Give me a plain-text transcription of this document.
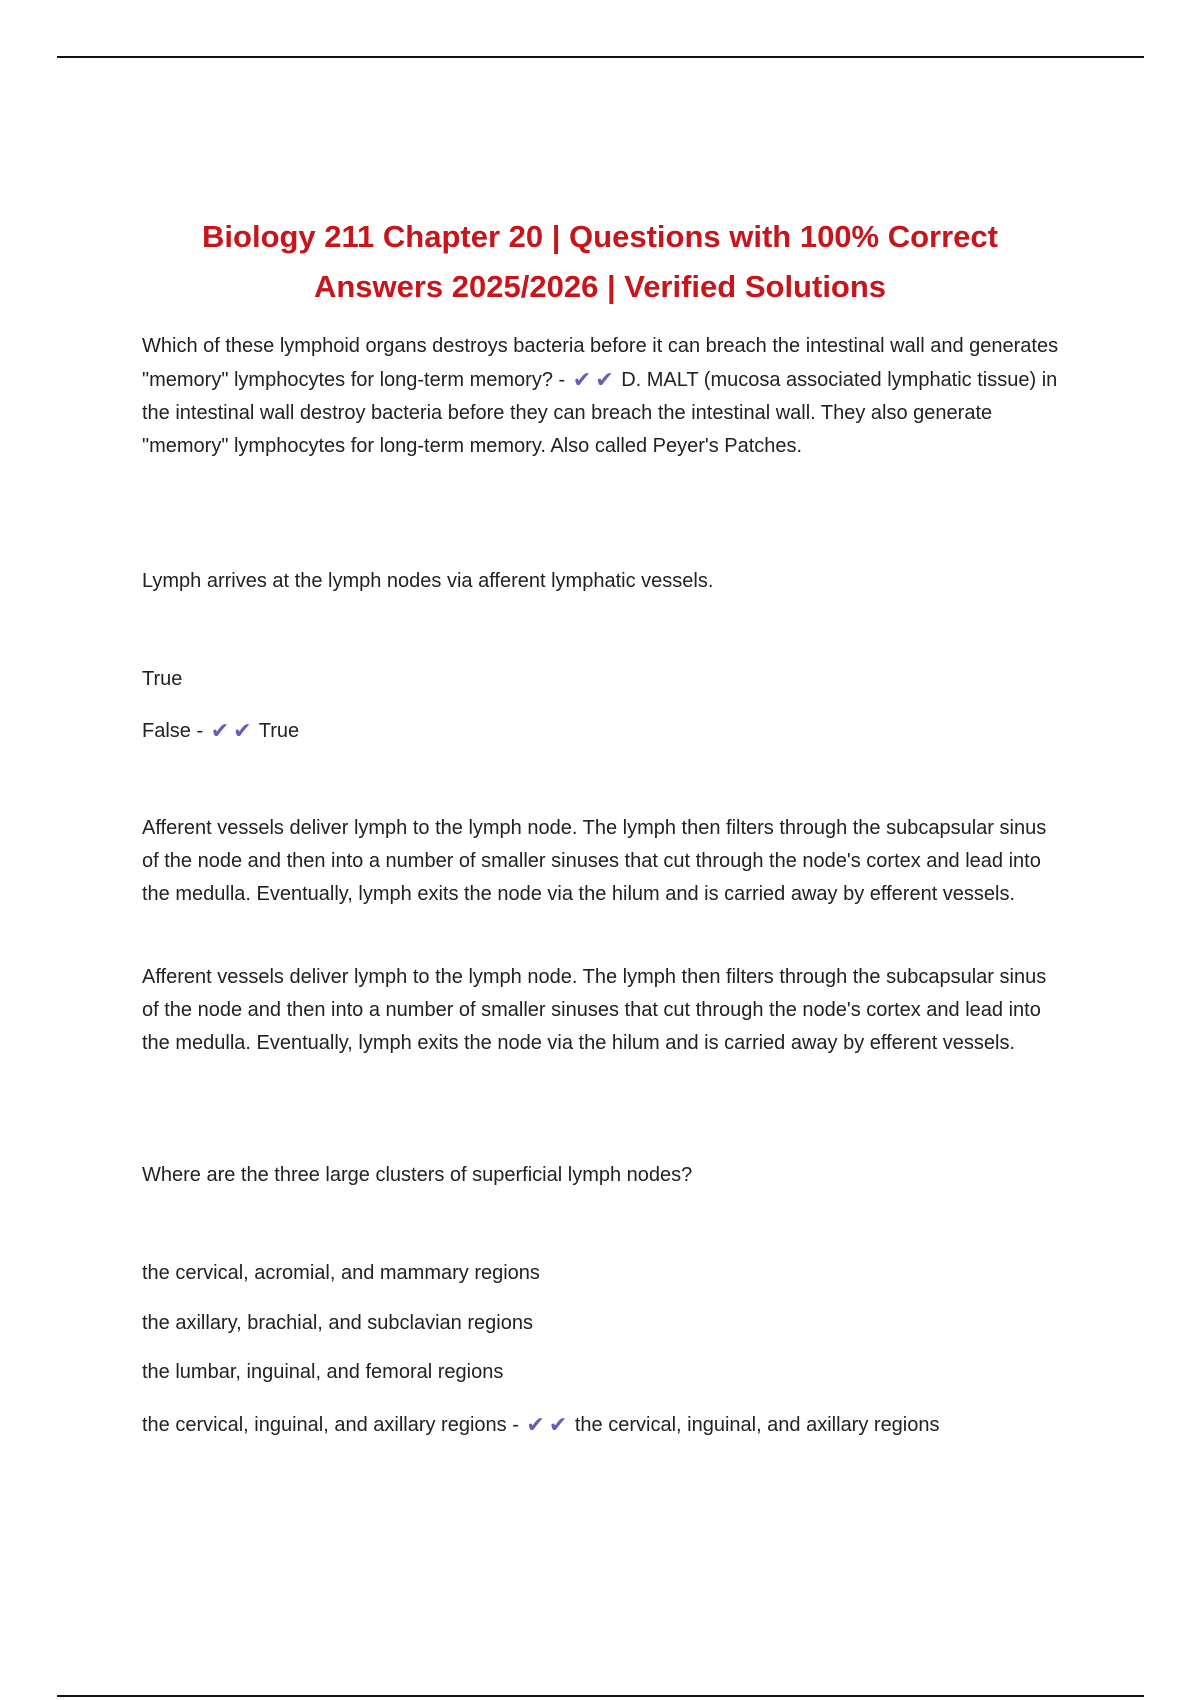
Biology 211 Chapter 20 | Questions with 100% Correct
Answers 2025/2026 | Verified Solutions

Which of these lymphoid organs destroys bacteria before it can breach the intestinal wall and generates "memory" lymphocytes for long-term memory? - ✔ ✔ D. MALT (mucosa associated lymphatic tissue) in the intestinal wall destroy bacteria before they can breach the intestinal wall. They also generate "memory" lymphocytes for long-term memory. Also called Peyer's Patches.

Lymph arrives at the lymph nodes via afferent lymphatic vessels.

True

False - ✔ ✔ True

Afferent vessels deliver lymph to the lymph node. The lymph then filters through the subcapsular sinus of the node and then into a number of smaller sinuses that cut through the node's cortex and lead into the medulla. Eventually, lymph exits the node via the hilum and is carried away by efferent vessels.

Afferent vessels deliver lymph to the lymph node. The lymph then filters through the subcapsular sinus of the node and then into a number of smaller sinuses that cut through the node's cortex and lead into the medulla. Eventually, lymph exits the node via the hilum and is carried away by efferent vessels.

Where are the three large clusters of superficial lymph nodes?

the cervical, acromial, and mammary regions

the axillary, brachial, and subclavian regions

the lumbar, inguinal, and femoral regions

the cervical, inguinal, and axillary regions - ✔ ✔ the cervical, inguinal, and axillary regions
